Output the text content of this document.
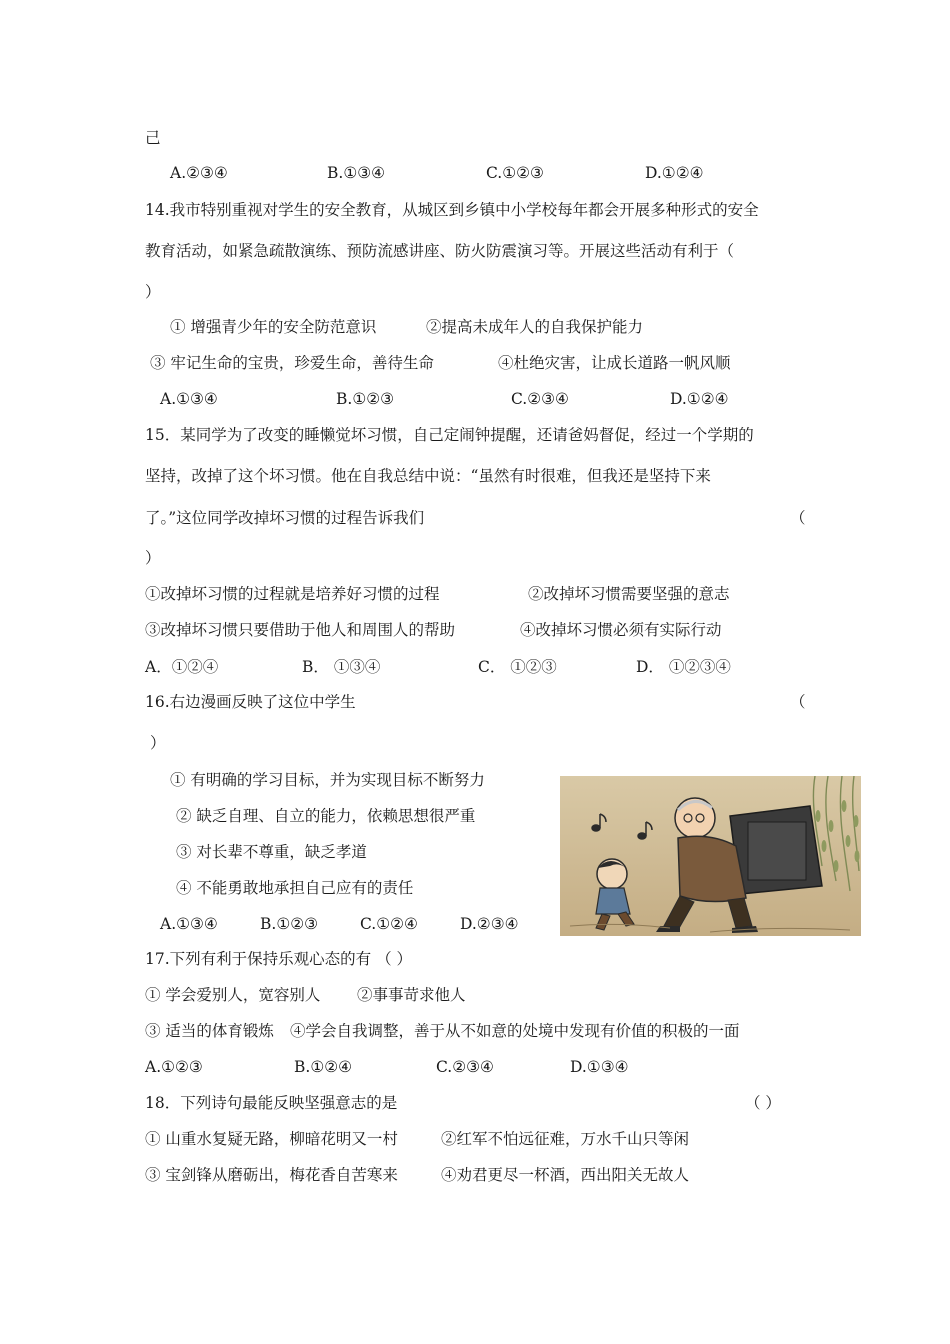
己
A.②③④	B.①③④	C.①②③	D.①②④
14.我市特别重视对学生的安全教育，从城区到乡镇中小学校每年都会开展多种形式的安全
教育活动，如紧急疏散演练、预防流感讲座、防火防震演习等。开展这些活动有利于（
）
① 增强青少年的安全防范意识	②提高未成年人的自我保护能力
③ 牢记生命的宝贵，珍爱生命，善待生命	④杜绝灾害，让成长道路一帆风顺
A.①③④	B.①②③	C.②③④	D.①②④
15．某同学为了改变的睡懒觉坏习惯，自己定闹钟提醒，还请爸妈督促，经过一个学期的
坚持，改掉了这个坏习惯。他在自我总结中说：“虽然有时很难，但我还是坚持下来
了。”这位同学改掉坏习惯的过程告诉我们	（
）
①改掉坏习惯的过程就是培养好习惯的过程	②改掉坏习惯需要坚强的意志
③改掉坏习惯只要借助于他人和周围人的帮助	④改掉坏习惯必须有实际行动
A．①②④	B． ①③④	C． ①②③	D． ①②③④
16.右边漫画反映了这位中学生	（
）
① 有明确的学习目标，并为实现目标不断努力
② 缺乏自理、自立的能力，依赖思想很严重
③ 对长辈不尊重，缺乏孝道
④ 不能勇敢地承担自己应有的责任
A.①③④	B.①②③	C.①②④	D.②③④
17.下列有利于保持乐观心态的有 （ ）
① 学会爱别人，宽容别人 ②事事苛求他人
③ 适当的体育锻炼 ④学会自我调整，善于从不如意的处境中发现有价值的积极的一面
A.①②③	B.①②④	C.②③④	D.①③④
18．下列诗句最能反映坚强意志的是	（ ）
① 山重水复疑无路，柳暗花明又一村	②红军不怕远征难，万水千山只等闲
③ 宝剑锋从磨砺出，梅花香自苦寒来	④劝君更尽一杯酒，西出阳关无故人
